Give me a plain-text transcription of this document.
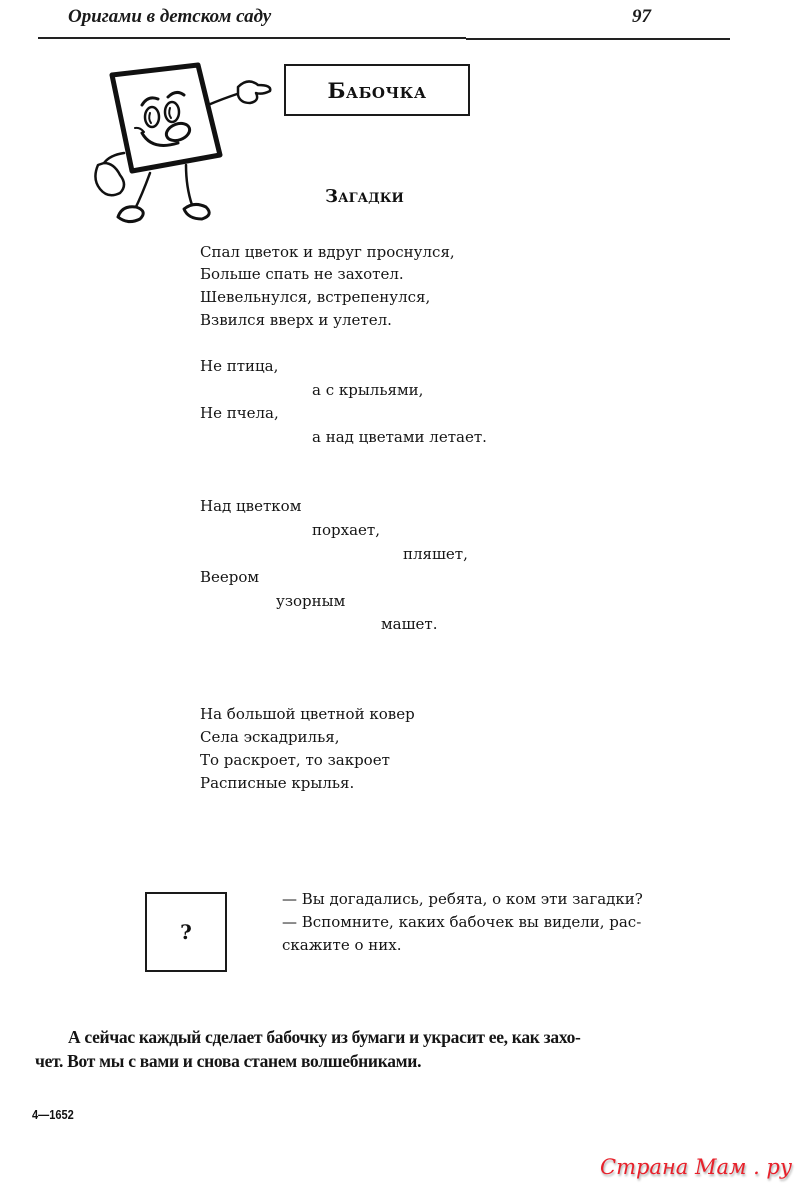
Оригами в детском саду	97
Бабочка
Загадки
Спал цветок и вдруг проснулся,
Больше спать не захотел.
Шевельнулся, встрепенулся,
Взвился вверх и улетел.
Не птица,
а с крыльями,
Не пчела,
а над цветами летает.
Над цветком
порхает,
пляшет,
Веером
узорным
машет.
На большой цветной ковер
Села эскадрилья,
То раскроет, то закроет
Расписные крылья.
?
— Вы догадались, ребята, о ком эти загадки?
— Вспомните, каких бабочек вы видели, рас-
скажите о них.
А сейчас каждый сделает бабочку из бумаги и украсит ее, как захо-
чет. Вот мы с вами и снова станем волшебниками.
4—1652
Страна Мам . ру
